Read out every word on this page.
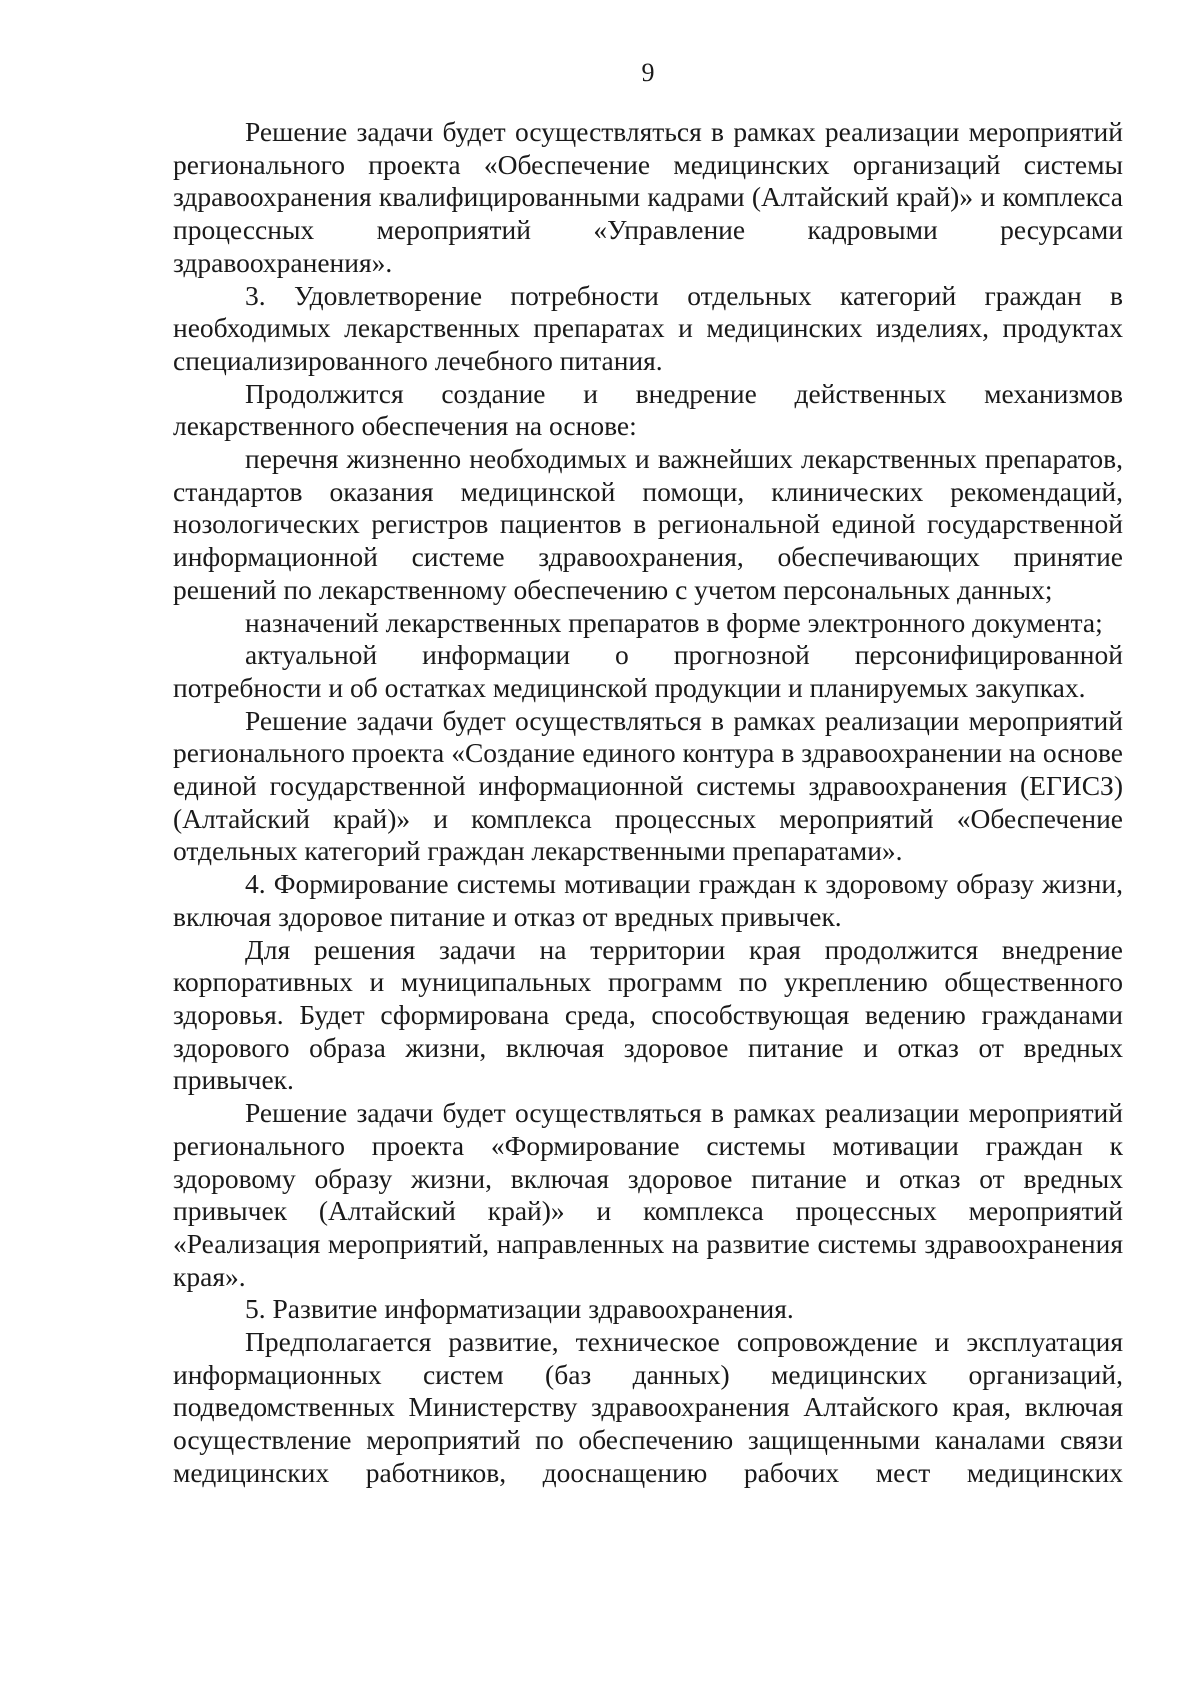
9

Решение задачи будет осуществляться в рамках реализации мероприятий регионального проекта «Обеспечение медицинских организаций системы здравоохранения квалифицированными кадрами (Алтайский край)» и комплекса процессных мероприятий «Управление кадровыми ресурсами здравоохранения».

3. Удовлетворение потребности отдельных категорий граждан в необходимых лекарственных препаратах и медицинских изделиях, продуктах специализированного лечебного питания.

Продолжится создание и внедрение действенных механизмов лекарственного обеспечения на основе:

перечня жизненно необходимых и важнейших лекарственных препаратов, стандартов оказания медицинской помощи, клинических рекомендаций, нозологических регистров пациентов в региональной единой государственной информационной системе здравоохранения, обеспечивающих принятие решений по лекарственному обеспечению с учетом персональных данных;

назначений лекарственных препаратов в форме электронного документа;

актуальной информации о прогнозной персонифицированной потребности и об остатках медицинской продукции и планируемых закупках.

Решение задачи будет осуществляться в рамках реализации мероприятий регионального проекта «Создание единого контура в здравоохранении на основе единой государственной информационной системы здравоохранения (ЕГИСЗ) (Алтайский край)» и комплекса процессных мероприятий «Обеспечение отдельных категорий граждан лекарственными препаратами».

4. Формирование системы мотивации граждан к здоровому образу жизни, включая здоровое питание и отказ от вредных привычек.

Для решения задачи на территории края продолжится внедрение корпоративных и муниципальных программ по укреплению общественного здоровья. Будет сформирована среда, способствующая ведению гражданами здорового образа жизни, включая здоровое питание и отказ от вредных привычек.

Решение задачи будет осуществляться в рамках реализации мероприятий регионального проекта «Формирование системы мотивации граждан к здоровому образу жизни, включая здоровое питание и отказ от вредных привычек (Алтайский край)» и комплекса процессных мероприятий «Реализация мероприятий, направленных на развитие системы здравоохранения края».

5. Развитие информатизации здравоохранения.

Предполагается развитие, техническое сопровождение и эксплуатация информационных систем (баз данных) медицинских организаций, подведомственных Министерству здравоохранения Алтайского края, включая осуществление мероприятий по обеспечению защищенными каналами связи медицинских работников, дооснащению рабочих мест медицинских
